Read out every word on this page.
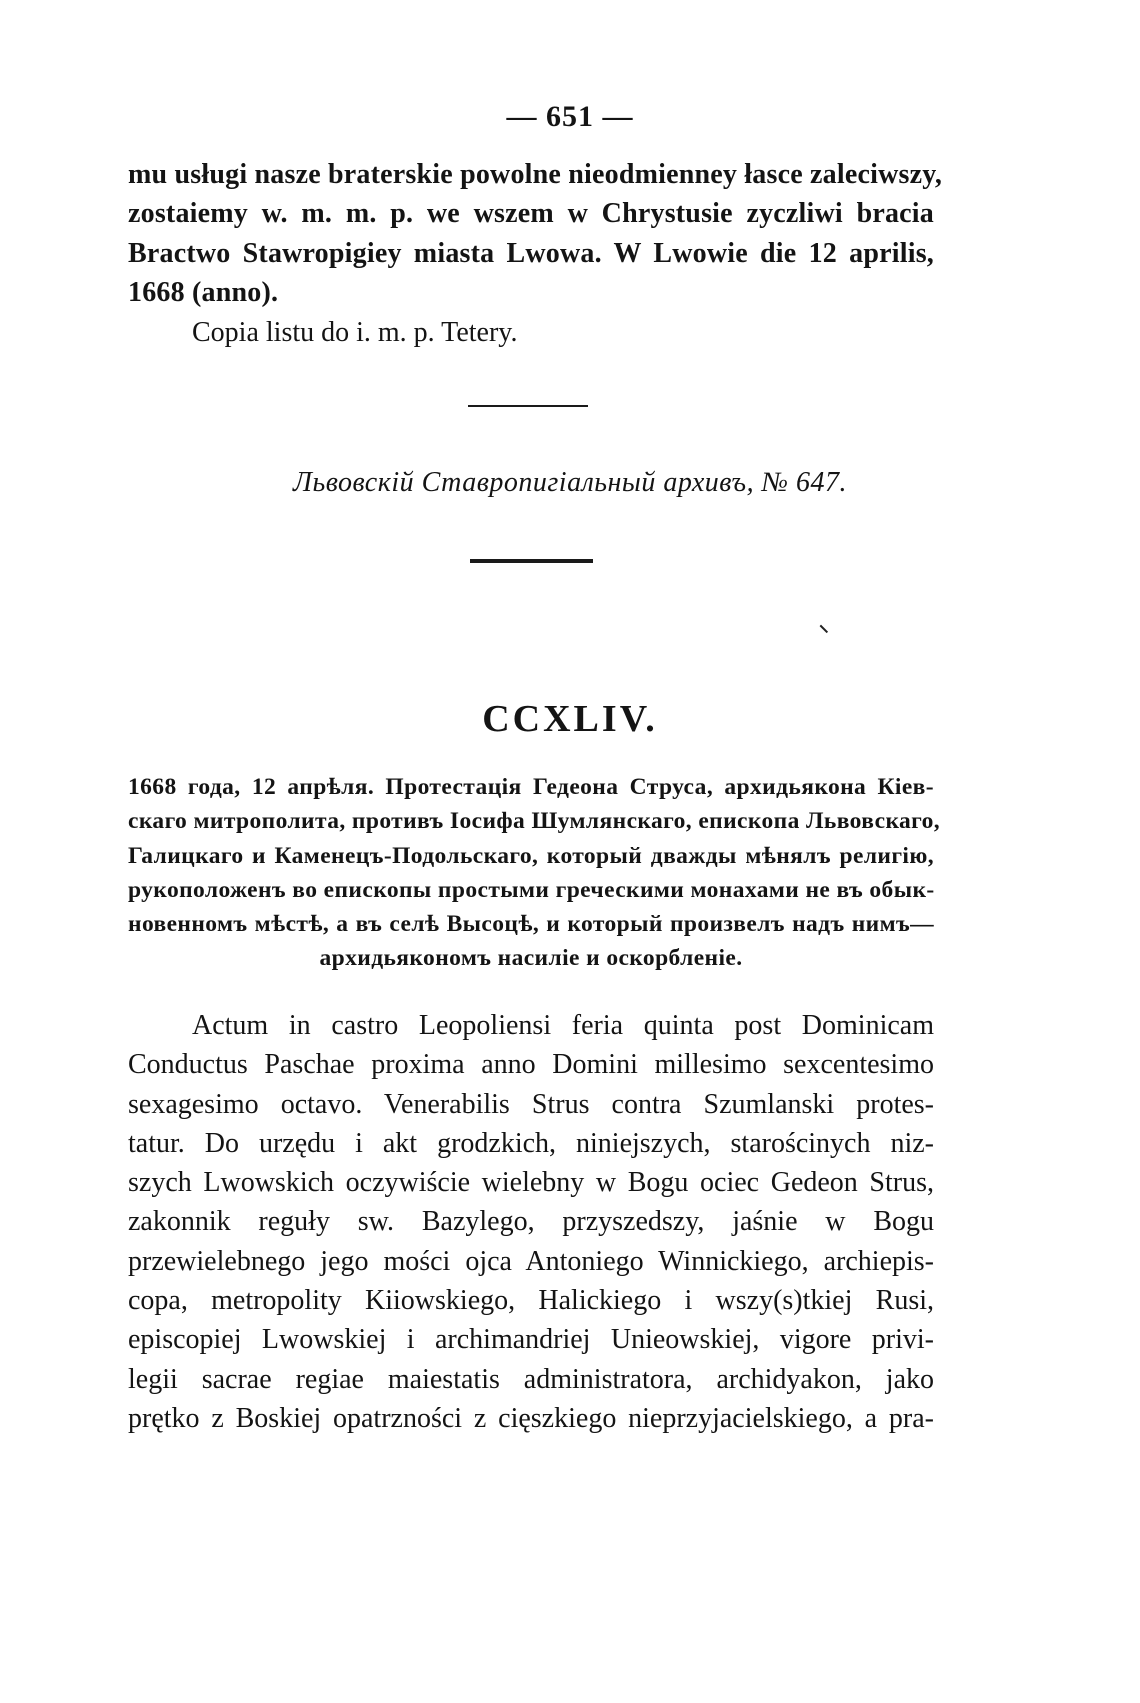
— 651 —

mu usługi nasze braterskie powolne nieodmienney łasce zaleciwszy,
zostaiemy w. m. m. p. we wszem w Chrystusie zyczliwi bracia
Bractwo Stawropigiey miasta Lwowa. W Lwowie die 12 aprilis,
1668 (anno).

Copia listu do i. m. p. Tetery.

Львовскій Ставропигіальный архивъ, № 647.
CCXLIV.

1668 года, 12 апрѣля. Протестація Гедеона Струса, архидьякона Кіев-
скаго митрополита, противъ Іосифа Шумлянскаго, епископа Львовскаго,
Галицкаго и Каменецъ-Подольскаго, который дважды мѣнялъ религію,
рукоположенъ во епископы простыми греческими монахами не въ обык-
новенномъ мѣстѣ, а въ селѣ Высоцѣ, и который произвелъ надъ нимъ—
архидьякономъ насиліе и оскорбленіе.

Actum in castro Leopoliensi feria quinta post Dominicam
Conductus Paschae proxima anno Domini millesimo sexcentesimo
sexagesimo octavo. Venerabilis Strus contra Szumlanski protes-
tatur. Do urzędu i akt grodzkich, niniejszych, starościnych niz-
szych Lwowskich oczywiście wielebny w Bogu ociec Gedeon Strus,
zakonnik reguły sw. Bazylego, przyszedszy, jaśnie w Bogu
przewielebnego jego mości ojca Antoniego Winnickiego, archiepis-
copa, metropolity Kiiowskiego, Halickiego i wszy(s)tkiej Rusi,
episcopiej Lwowskiej i archimandriej Unieowskiej, vigore privi-
legii sacrae regiae maiestatis administratora, archidyakon, jako
prętko z Boskiej opatrzności z cięszkiego nieprzyjacielskiego, a pra-
